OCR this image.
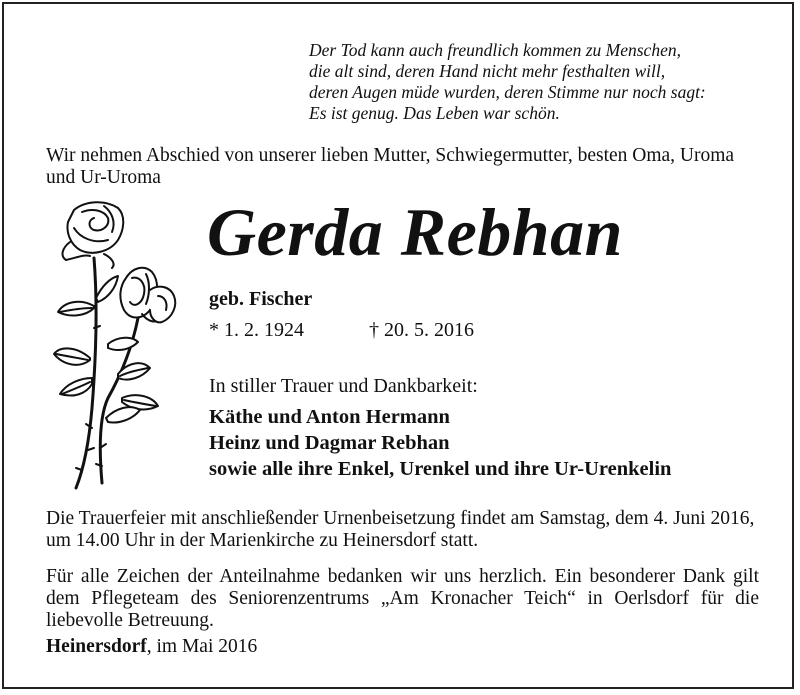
Der Tod kann auch freundlich kommen zu Menschen,
die alt sind, deren Hand nicht mehr festhalten will,
deren Augen müde wurden, deren Stimme nur noch sagt:
Es ist genug. Das Leben war schön.
Wir nehmen Abschied von unserer lieben Mutter, Schwiegermutter, besten Oma, Uroma und Ur-Uroma
Gerda Rebhan
geb. Fischer
* 1. 2. 1924	† 20. 5. 2016
In stiller Trauer und Dankbarkeit:
Käthe und Anton Hermann
Heinz und Dagmar Rebhan
sowie alle ihre Enkel, Urenkel und ihre Ur-Urenkelin
Die Trauerfeier mit anschließender Urnenbeisetzung findet am Samstag, dem 4. Juni 2016, um 14.00 Uhr in der Marienkirche zu Heinersdorf statt.
Für alle Zeichen der Anteilnahme bedanken wir uns herzlich. Ein besonderer Dank gilt dem Pflegeteam des Seniorenzentrums „Am Kronacher Teich“ in Oerlsdorf für die liebevolle Betreuung.
Heinersdorf, im Mai 2016
